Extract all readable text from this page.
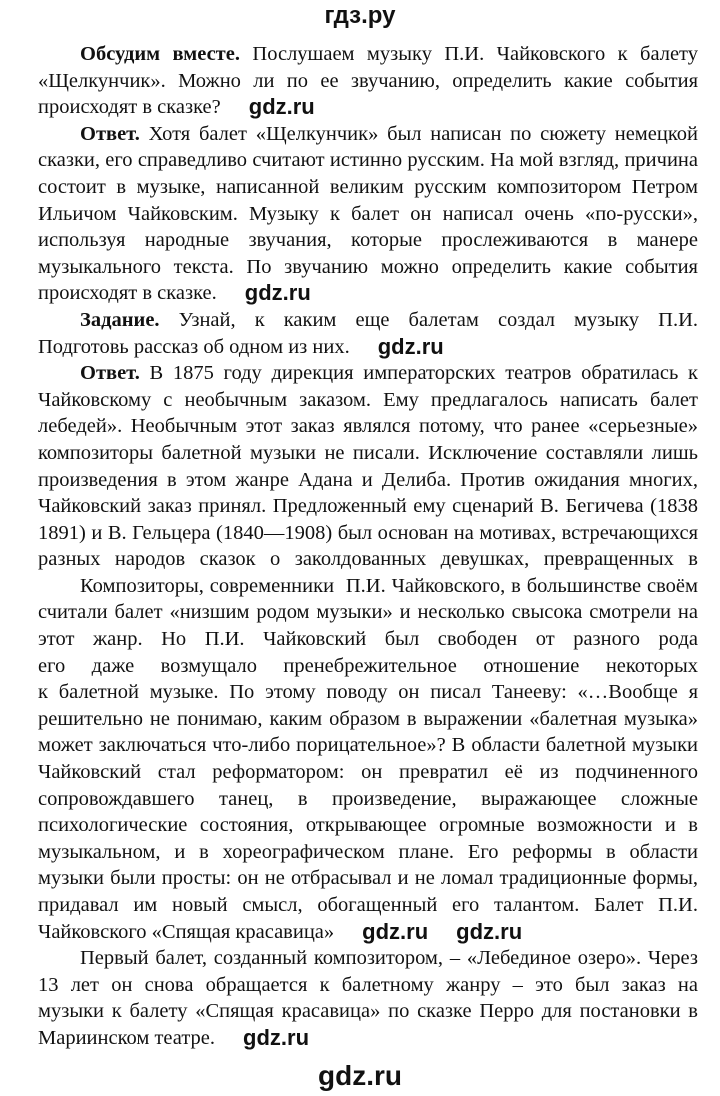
гдз.ру
Обсудим вместе. Послушаем музыку П.И. Чайковского к балету
«Щелкунчик». Можно ли по ее звучанию, определить какие события
происходят в сказке? gdz.ru
Ответ. Хотя балет «Щелкунчик» был написан по сюжету немецкой
сказки, его справедливо считают истинно русским. На мой взгляд, причина
состоит в музыке, написанной великим русским композитором Петром
Ильичом Чайковским. Музыку к балет он написал очень «по-русски»,
используя народные звучания, которые прослеживаются в манере
музыкального текста. По звучанию можно определить какие события
происходят в сказке. gdz.ru
Задание. Узнай, к каким еще балетам создал музыку П.И.
Подготовь рассказ об одном из них. gdz.ru
Ответ. В 1875 году дирекция императорских театров обратилась к
Чайковскому с необычным заказом. Ему предлагалось написать балет
лебедей». Необычным этот заказ являлся потому, что ранее «серьезные»
композиторы балетной музыки не писали. Исключение составляли лишь
произведения в этом жанре Адана и Делиба. Против ожидания многих,
Чайковский заказ принял. Предложенный ему сценарий В. Бегичева (1838
1891) и В. Гельцера (1840—1908) был основан на мотивах, встречающихся
разных народов сказок о заколдованных девушках, превращенных в
Композиторы, современники  П.И. Чайковского, в большинстве своём
считали балет «низшим родом музыки» и несколько свысока смотрели на
этот жанр. Но П.И. Чайковский был свободен от разного рода
его даже возмущало пренебрежительное отношение некоторых
к балетной музыке. По этому поводу он писал Танееву: «…Вообще я
решительно не понимаю, каким образом в выражении «балетная музыка»
может заключаться что-либо порицательное»? В области балетной музыки
Чайковский стал реформатором: он превратил её из подчиненного
сопровождавшего танец, в произведение, выражающее сложные
психологические состояния, открывающее огромные возможности и в
музыкальном, и в хореографическом плане. Его реформы в области
музыки были просты: он не отбрасывал и не ломал традиционные формы,
придавал им новый смысл, обогащенный его талантом. Балет П.И.
Чайковского «Спящая красавица» gdz.ru gdz.ru
Первый балет, созданный композитором, – «Лебединое озеро». Через
13 лет он снова обращается к балетному жанру – это был заказ на
музыки к балету «Спящая красавица» по сказке Перро для постановки в
Мариинском театре. gdz.ru
gdz.ru
